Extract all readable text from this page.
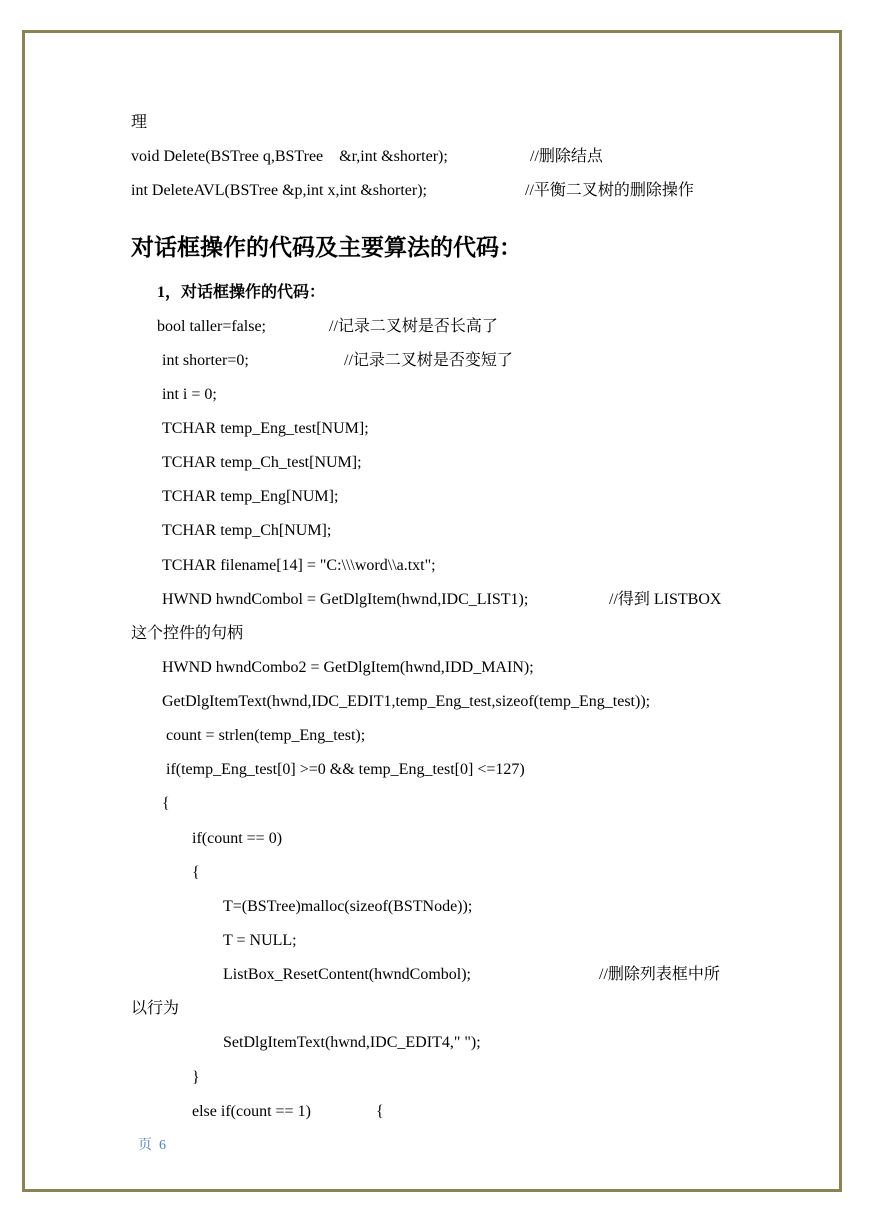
理
void Delete(BSTree q,BSTree    &r,int &shorter);	//删除结点
int DeleteAVL(BSTree &p,int x,int &shorter);	//平衡二叉树的删除操作
对话框操作的代码及主要算法的代码：
1，对话框操作的代码：
bool taller=false;	//记录二叉树是否长高了
int shorter=0;	//记录二叉树是否变短了
int i = 0;
TCHAR temp_Eng_test[NUM];
TCHAR temp_Ch_test[NUM];
TCHAR temp_Eng[NUM];
TCHAR temp_Ch[NUM];
TCHAR filename[14] = "C:\\\word\\a.txt";
HWND hwndCombol = GetDlgItem(hwnd,IDC_LIST1);	//得到 LISTBOX
这个控件的句柄
HWND hwndCombo2 = GetDlgItem(hwnd,IDD_MAIN);
GetDlgItemText(hwnd,IDC_EDIT1,temp_Eng_test,sizeof(temp_Eng_test));
count = strlen(temp_Eng_test);
if(temp_Eng_test[0] >=0 && temp_Eng_test[0] <=127)
{
if(count == 0)
{
T=(BSTree)malloc(sizeof(BSTNode));
T = NULL;
ListBox_ResetContent(hwndCombol);	//删除列表框中所
以行为
SetDlgItemText(hwnd,IDC_EDIT4," ");
}
else if(count == 1)	{
页  6
